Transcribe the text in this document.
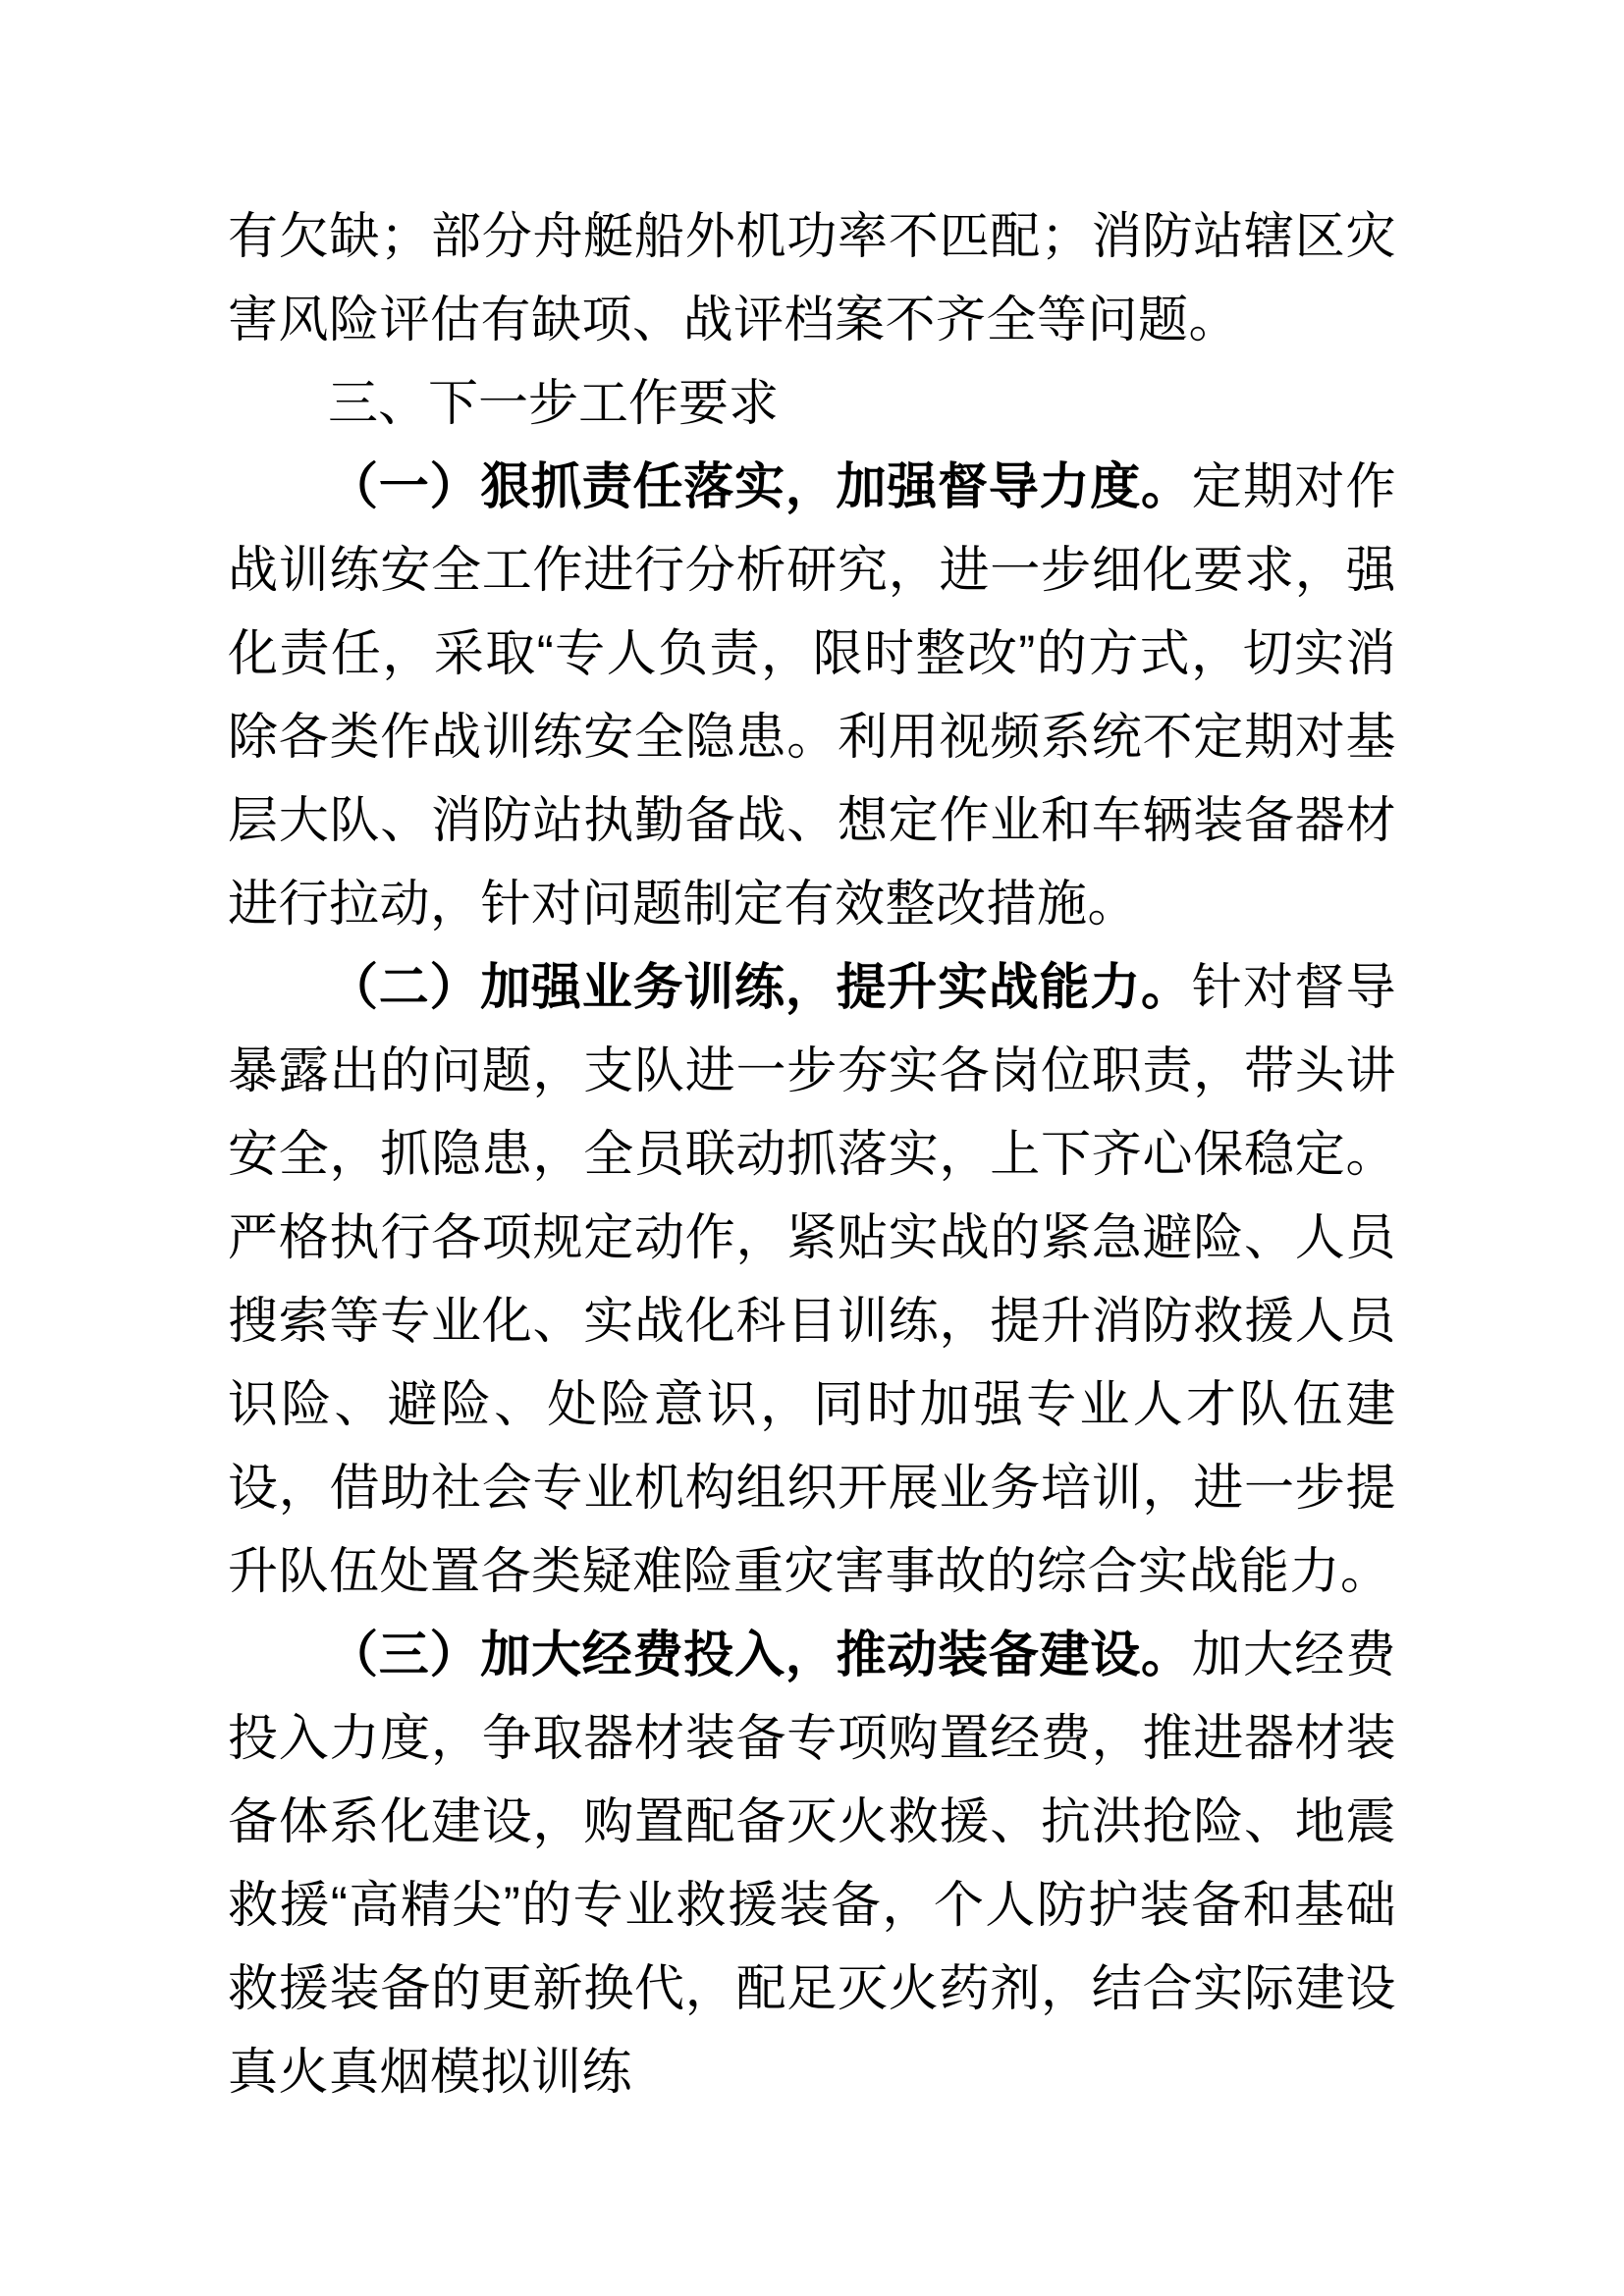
有欠缺；部分舟艇船外机功率不匹配；消防站辖区灾害风险评估有缺项、战评档案不齐全等问题。

三、下一步工作要求

（一）狠抓责任落实，加强督导力度。定期对作战训练安全工作进行分析研究，进一步细化要求，强化责任，采取“专人负责，限时整改”的方式，切实消除各类作战训练安全隐患。利用视频系统不定期对基层大队、消防站执勤备战、想定作业和车辆装备器材进行拉动，针对问题制定有效整改措施。

（二）加强业务训练，提升实战能力。针对督导暴露出的问题，支队进一步夯实各岗位职责，带头讲安全，抓隐患，全员联动抓落实，上下齐心保稳定。严格执行各项规定动作，紧贴实战的紧急避险、人员搜索等专业化、实战化科目训练，提升消防救援人员识险、避险、处险意识，同时加强专业人才队伍建设，借助社会专业机构组织开展业务培训，进一步提升队伍处置各类疑难险重灾害事故的综合实战能力。

（三）加大经费投入，推动装备建设。加大经费投入力度，争取器材装备专项购置经费，推进器材装备体系化建设，购置配备灭火救援、抗洪抢险、地震救援“高精尖”的专业救援装备，个人防护装备和基础救援装备的更新换代，配足灭火药剂，结合实际建设真火真烟模拟训练
